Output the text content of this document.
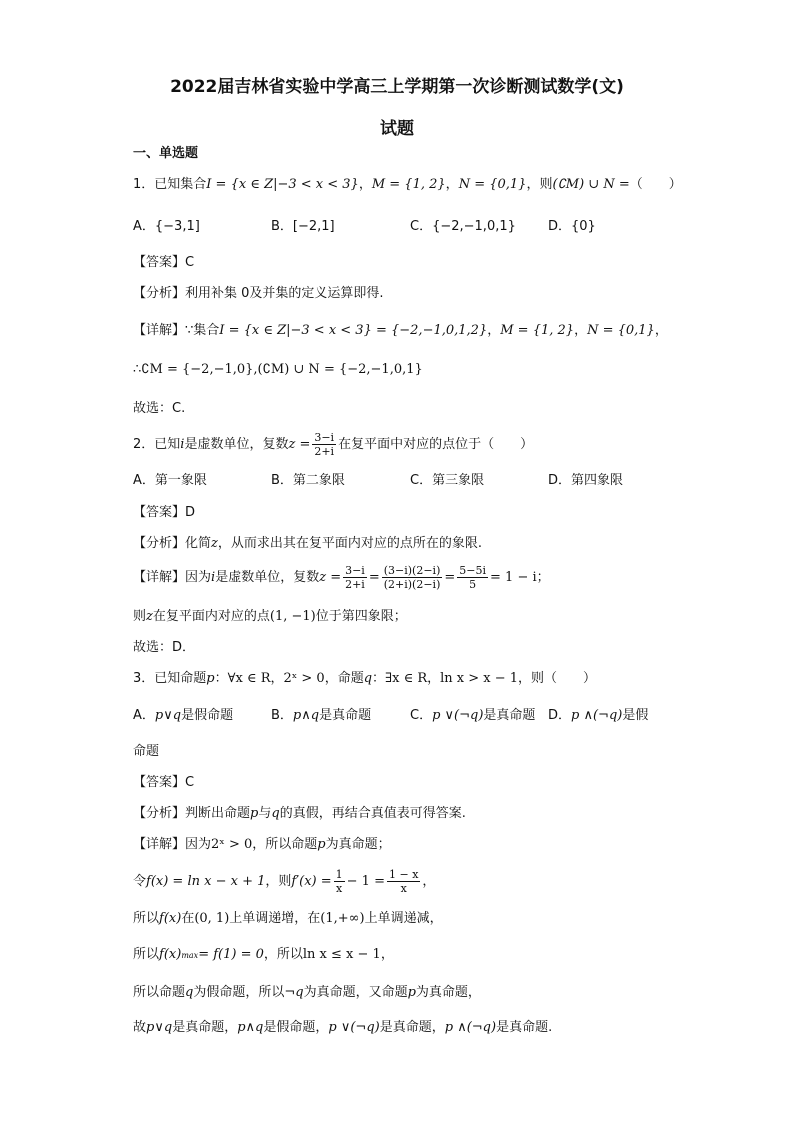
2022届吉林省实验中学高三上学期第一次诊断测试数学(文)
试题
一、单选题
1．已知集合I = {x ∈ Z|−3 < x < 3}，M = {1, 2}，N = {0,1}，则(∁M) ∪ N =（　　）
A．{−3,1]	B．[−2,1]	C．{−2,−1,0,1} D．{0}
【答案】C
【分析】利用补集 0及并集的定义运算即得.
【详解】∵集合I = {x ∈ Z|−3 < x < 3} = {−2,−1,0,1,2}，M = {1, 2}，N = {0,1}，
∴∁M = {−2,−1,0},(∁M) ∪ N = {−2,−1,0,1}
故选：C.
2．已知i是虚数单位，复数$z = \frac{3-i}{2+i}$ 在复平面中对应的点位于（　　）
A．第一象限	B．第二象限	C．第三象限	D．第四象限
【答案】D
【分析】化简z，从而求出其在复平面内对应的点所在的象限.
【详解】因为i是虚数单位，复数$z = \frac{3-i}{2+i} = \frac{(3-i)(2-i)}{(2+i)(2-i)} = \frac{5-5i}{5} = 1 - i$；
则z在复平面内对应的点(1, −1)位于第四象限；
故选：D．
3．已知命题p：∀x ∈ R，2ˣ > 0，命题q：∃x ∈ R，ln x > x − 1，则（　　）
A．p∨q是假命题	B．p∧q是真命题	C．p ∨(¬q)是真命题 D．p ∧(¬q)是假
命题
【答案】C
【分析】判断出命题p与q的真假，再结合真值表可得答案.
【详解】因为2ˣ > 0，所以命题p为真命题；
令f(x) = ln x − x + 1，则$f'(x) = \frac{1}{x} - 1 = \frac{1 - x}{x}$ ，
所以f(x)在(0, 1)上单调递增，在(1,+∞)上单调递减，
所以f(x)max= f(1) = 0，所以ln x ≤ x − 1，
所以命题q为假命题，所以¬q为真命题，又命题p为真命题，
故p∨q是真命题，p∧q是假命题，p ∨(¬q)是真命题，p ∧(¬q)是真命题.
